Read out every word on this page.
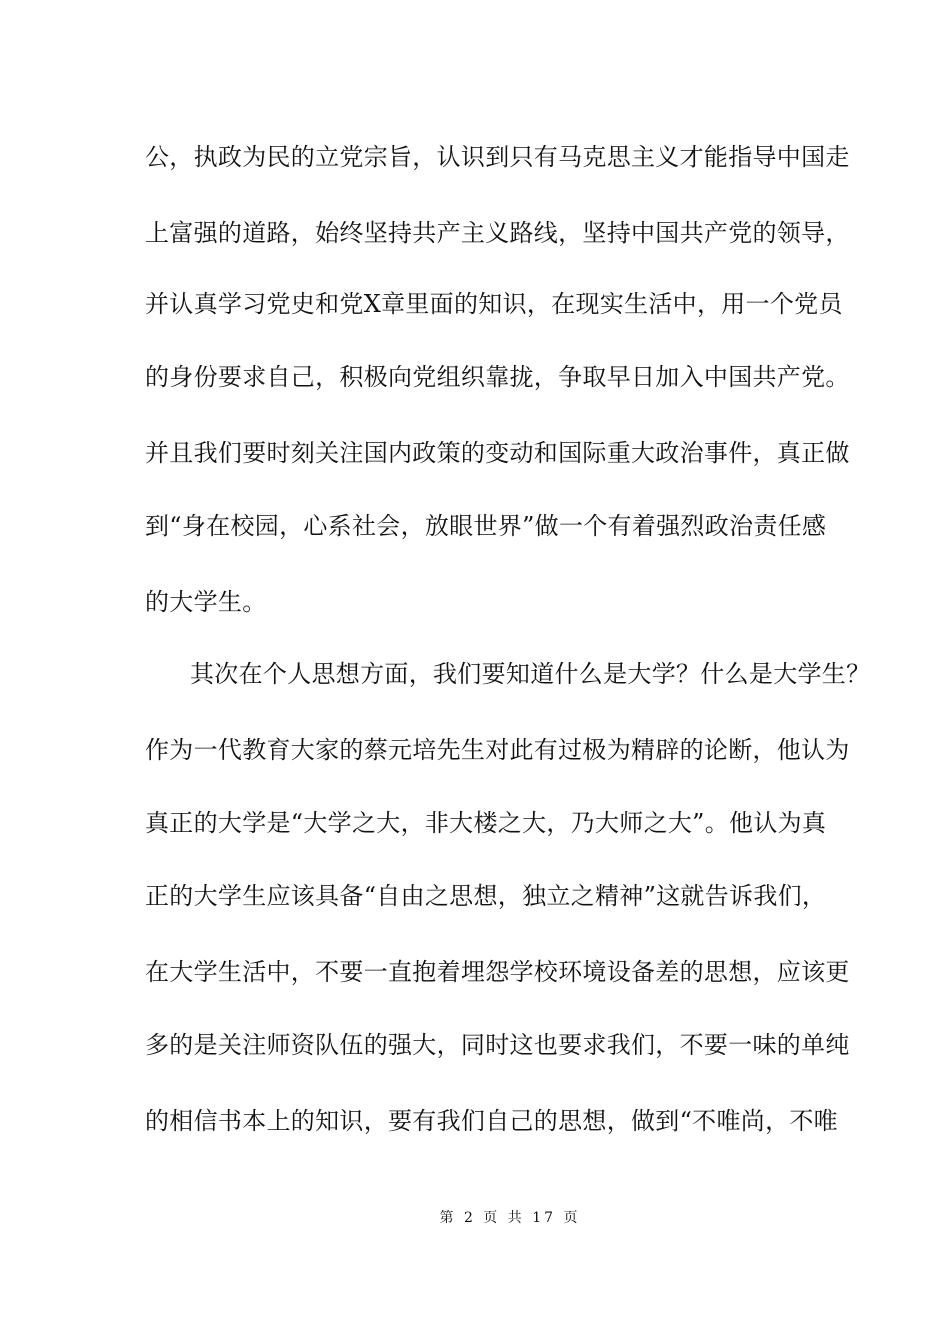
公，执政为民的立党宗旨，认识到只有马克思主义才能指导中国走
上富强的道路，始终坚持共产主义路线，坚持中国共产党的领导，
并认真学习党史和党X章里面的知识，在现实生活中，用一个党员
的身份要求自己，积极向党组织靠拢，争取早日加入中国共产党。
并且我们要时刻关注国内政策的变动和国际重大政治事件，真正做
到“身在校园，心系社会，放眼世界”做一个有着强烈政治责任感
的大学生。
其次在个人思想方面，我们要知道什么是大学？什么是大学生？
作为一代教育大家的蔡元培先生对此有过极为精辟的论断，他认为
真正的大学是“大学之大，非大楼之大，乃大师之大”。他认为真
正的大学生应该具备“自由之思想，独立之精神”这就告诉我们，
在大学生活中，不要一直抱着埋怨学校环境设备差的思想，应该更
多的是关注师资队伍的强大，同时这也要求我们，不要一味的单纯
的相信书本上的知识，要有我们自己的思想，做到“不唯尚，不唯
第 2 页 共 17 页
